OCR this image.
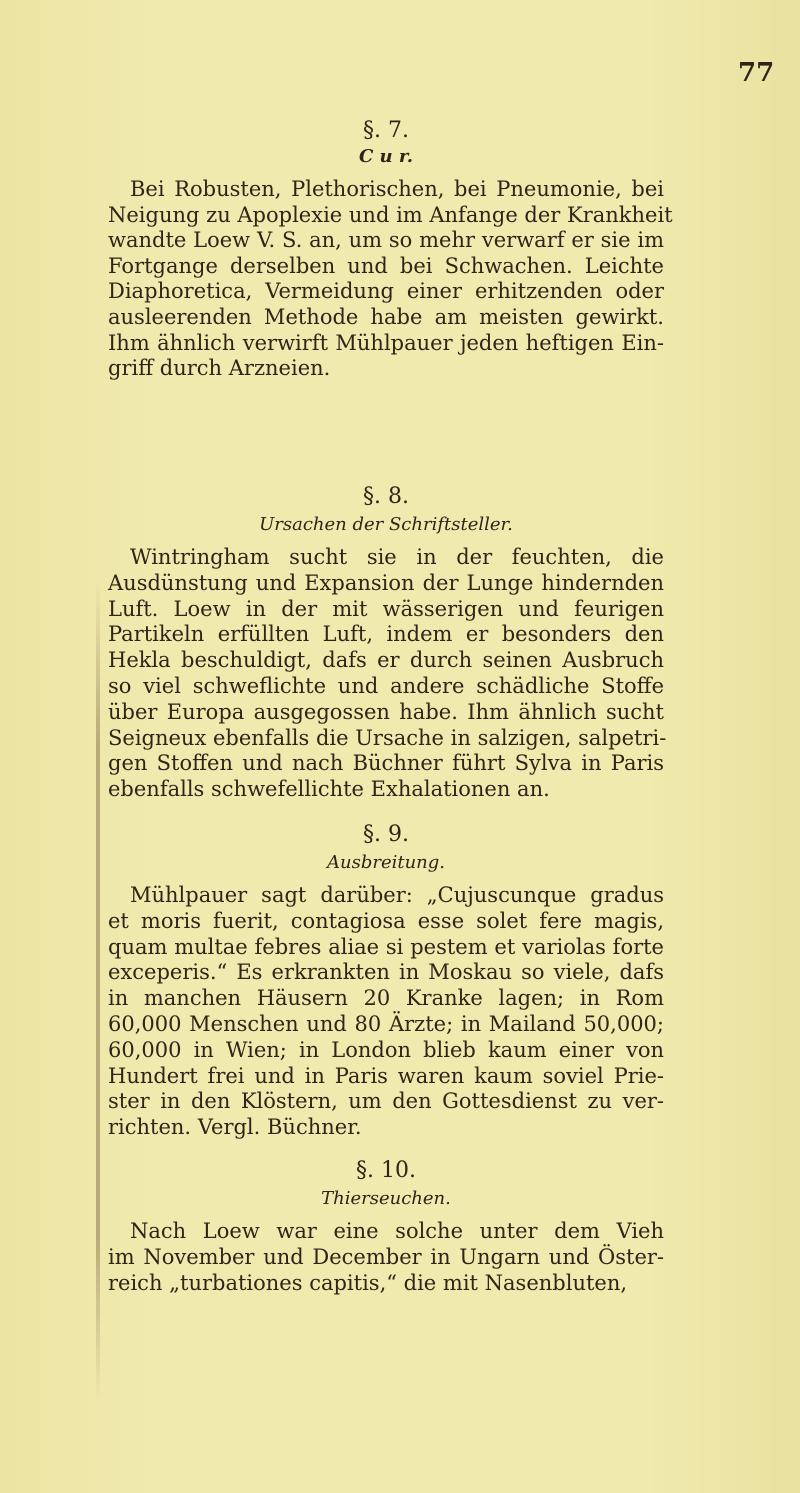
77
§. 7.
C u r.
Bei Robusten, Plethorischen, bei Pneumonie, bei
Neigung zu Apoplexie und im Anfange der Krankheit
wandte Loew V. S. an, um so mehr verwarf er sie im
Fortgange derselben und bei Schwachen. Leichte
Diaphoretica, Vermeidung einer erhitzenden oder
ausleerenden Methode habe am meisten gewirkt.
Ihm ähnlich verwirft Mühlpauer jeden heftigen Ein-
griff durch Arzneien.
§. 8.
Ursachen der Schriftsteller.
Wintringham sucht sie in der feuchten, die
Ausdünstung und Expansion der Lunge hindernden
Luft. Loew in der mit wässerigen und feurigen
Partikeln erfüllten Luft, indem er besonders den
Hekla beschuldigt, dafs er durch seinen Ausbruch
so viel schweflichte und andere schädliche Stoffe
über Europa ausgegossen habe. Ihm ähnlich sucht
Seigneux ebenfalls die Ursache in salzigen, salpetri-
gen Stoffen und nach Büchner führt Sylva in Paris
ebenfalls schwefellichte Exhalationen an.
§. 9.
Ausbreitung.
Mühlpauer sagt darüber: „Cujuscunque gradus
et moris fuerit, contagiosa esse solet fere magis,
quam multae febres aliae si pestem et variolas forte
exceperis.“ Es erkrankten in Moskau so viele, dafs
in manchen Häusern 20 Kranke lagen; in Rom
60,000 Menschen und 80 Ärzte; in Mailand 50,000;
60,000 in Wien; in London blieb kaum einer von
Hundert frei und in Paris waren kaum soviel Prie-
ster in den Klöstern, um den Gottesdienst zu ver-
richten. Vergl. Büchner.
§. 10.
Thierseuchen.
Nach Loew war eine solche unter dem Vieh
im November und December in Ungarn und Öster-
reich „turbationes capitis,“ die mit Nasenbluten,
